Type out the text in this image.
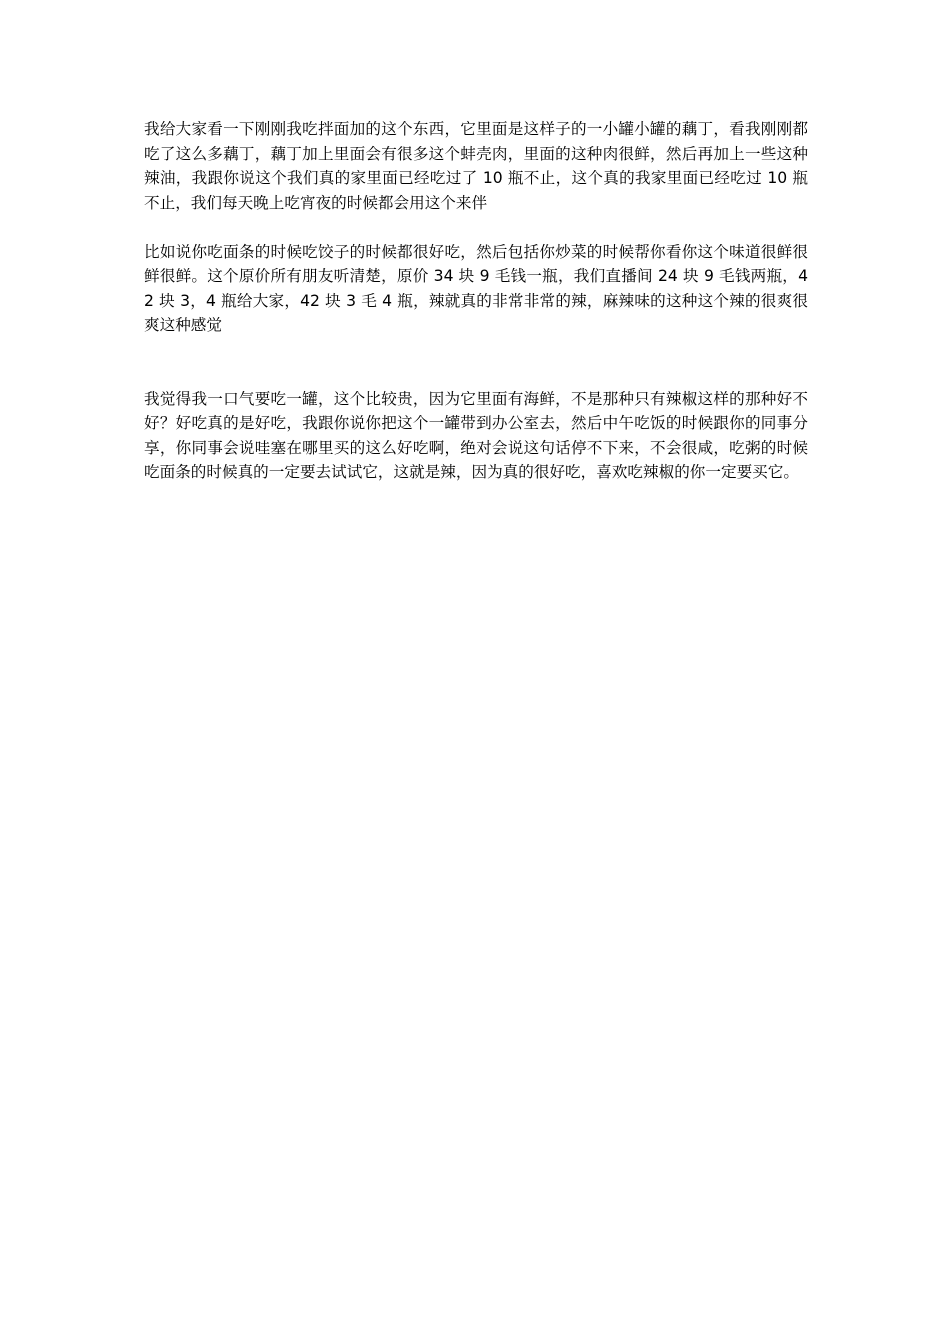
我给大家看一下刚刚我吃拌面加的这个东西，它里面是这样子的一小罐小罐的藕丁，看我刚刚都吃了这么多藕丁，藕丁加上里面会有很多这个蚌壳肉，里面的这种肉很鲜，然后再加上一些这种辣油，我跟你说这个我们真的家里面已经吃过了 10 瓶不止，这个真的我家里面已经吃过 10 瓶不止，我们每天晚上吃宵夜的时候都会用这个来伴

比如说你吃面条的时候吃饺子的时候都很好吃，然后包括你炒菜的时候帮你看你这个味道很鲜很鲜很鲜。这个原价所有朋友听清楚，原价 34 块 9 毛钱一瓶，我们直播间 24 块 9 毛钱两瓶，42 块 3，4 瓶给大家，42 块 3 毛 4 瓶，辣就真的非常非常的辣，麻辣味的这种这个辣的很爽很爽这种感觉

我觉得我一口气要吃一罐，这个比较贵，因为它里面有海鲜，不是那种只有辣椒这样的那种好不好？好吃真的是好吃，我跟你说你把这个一罐带到办公室去，然后中午吃饭的时候跟你的同事分享，你同事会说哇塞在哪里买的这么好吃啊，绝对会说这句话停不下来，不会很咸，吃粥的时候吃面条的时候真的一定要去试试它，这就是辣，因为真的很好吃，喜欢吃辣椒的你一定要买它。
